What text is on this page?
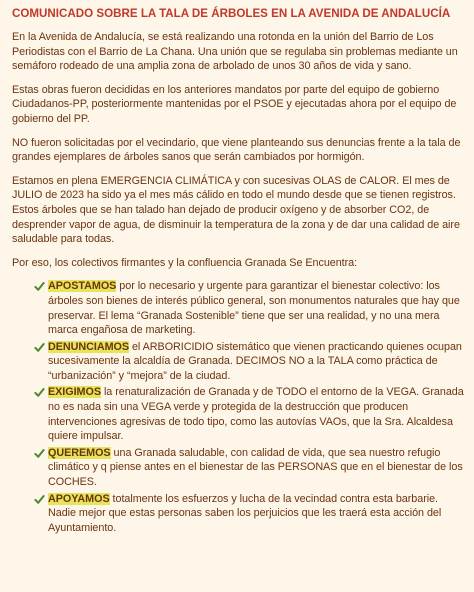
COMUNICADO SOBRE LA TALA DE ÁRBOLES EN LA AVENIDA DE ANDALUCÍA

En la Avenida de Andalucía, se está realizando una rotonda en la unión del Barrio de Los Periodistas con el Barrio de La Chana. Una unión que se regulaba sin problemas mediante un semáforo rodeado de una amplia zona de arbolado de unos 30 años de vida y sano.

Estas obras fueron decididas en los anteriores mandatos por parte del equipo de gobierno Ciudadanos-PP, posteriormente mantenidas por el PSOE y ejecutadas ahora por el equipo de gobierno del PP.

NO fueron solicitadas por el vecindario, que viene planteando sus denuncias frente a la tala de grandes ejemplares de árboles sanos que serán cambiados por hormigón.

Estamos en plena EMERGENCIA CLIMÁTICA y con sucesivas OLAS de CALOR. El mes de JULIO de 2023 ha sido ya el mes más cálido en todo el mundo desde que se tienen registros. Estos árboles que se han talado han dejado de producir oxígeno y de absorber CO2, de desprender vapor de agua, de disminuir la temperatura de la zona y de dar una calidad de aire saludable para todas.

Por eso, los colectivos firmantes y la confluencia Granada Se Encuentra:

APOSTAMOS por lo necesario y urgente para garantizar el bienestar colectivo: los árboles son bienes de interés público general, son monumentos naturales que hay que preservar. El lema “Granada Sostenible” tiene que ser una realidad, y no una mera marca engañosa de marketing.
DENUNCIAMOS el ARBORICIDIO sistemático que vienen practicando quienes ocupan sucesivamente la alcaldía de Granada. DECIMOS NO a la TALA como práctica de “urbanización” y “mejora” de la ciudad.
EXIGIMOS la renaturalización de Granada y de TODO el entorno de la VEGA. Granada no es nada sin una VEGA verde y protegida de la destrucción que producen intervenciones agresivas de todo tipo, como las autovías VAOs, que la Sra. Alcaldesa quiere impulsar.
QUEREMOS una Granada saludable, con calidad de vida, que sea nuestro refugio climático y q piense antes en el bienestar de las PERSONAS que en el bienestar de los COCHES.
APOYAMOS totalmente los esfuerzos y lucha de la vecindad contra esta barbarie. Nadie mejor que estas personas saben los perjuicios que les traerá esta acción del Ayuntamiento.
